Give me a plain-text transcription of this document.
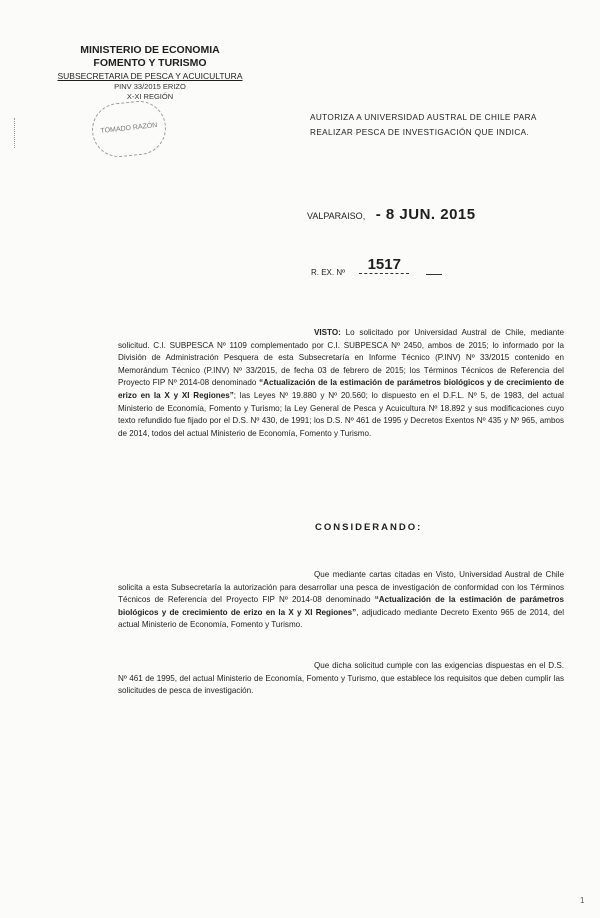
MINISTERIO DE ECONOMIA
FOMENTO Y TURISMO
SUBSECRETARIA DE PESCA Y ACUICULTURA
PINV 33/2015 ERIZO
X-XI REGIÓN
TOMADO RAZÓN
AUTORIZA A UNIVERSIDAD AUSTRAL DE CHILE PARA REALIZAR PESCA DE INVESTIGACIÓN QUE INDICA.
VALPARAISO, - 8 JUN. 2015
R. EX. Nº 1517

VISTO: Lo solicitado por Universidad Austral de Chile, mediante solicitud. C.I. SUBPESCA Nº 1109 complementado por C.I. SUBPESCA Nº 2450, ambos de 2015; lo informado por la División de Administración Pesquera de esta Subsecretaría en Informe Técnico (P.INV) Nº 33/2015 contenido en Memorándum Técnico (P.INV) Nº 33/2015, de fecha 03 de febrero de 2015; los Términos Técnicos de Referencia del Proyecto FIP Nº 2014-08 denominado “Actualización de la estimación de parámetros biológicos y de crecimiento de erizo en la X y XI Regiones”; las Leyes Nº 19.880 y Nº 20.560; lo dispuesto en el D.F.L. Nº 5, de 1983, del actual Ministerio de Economía, Fomento y Turismo; la Ley General de Pesca y Acuicultura Nº 18.892 y sus modificaciones cuyo texto refundido fue fijado por el D.S. Nº 430, de 1991; los D.S. Nº 461 de 1995 y Decretos Exentos Nº 435 y Nº 965, ambos de 2014, todos del actual Ministerio de Economía, Fomento y Turismo.

CONSIDERANDO:

Que mediante cartas citadas en Visto, Universidad Austral de Chile solicita a esta Subsecretaría la autorización para desarrollar una pesca de investigación de conformidad con los Términos Técnicos de Referencia del Proyecto FIP Nº 2014-08 denominado “Actualización de la estimación de parámetros biológicos y de crecimiento de erizo en la X y XI Regiones”, adjudicado mediante Decreto Exento 965 de 2014, del actual Ministerio de Economía, Fomento y Turismo.

Que dicha solicitud cumple con las exigencias dispuestas en el D.S. Nº 461 de 1995, del actual Ministerio de Economía, Fomento y Turismo, que establece los requisitos que deben cumplir las solicitudes de pesca de investigación.

1
